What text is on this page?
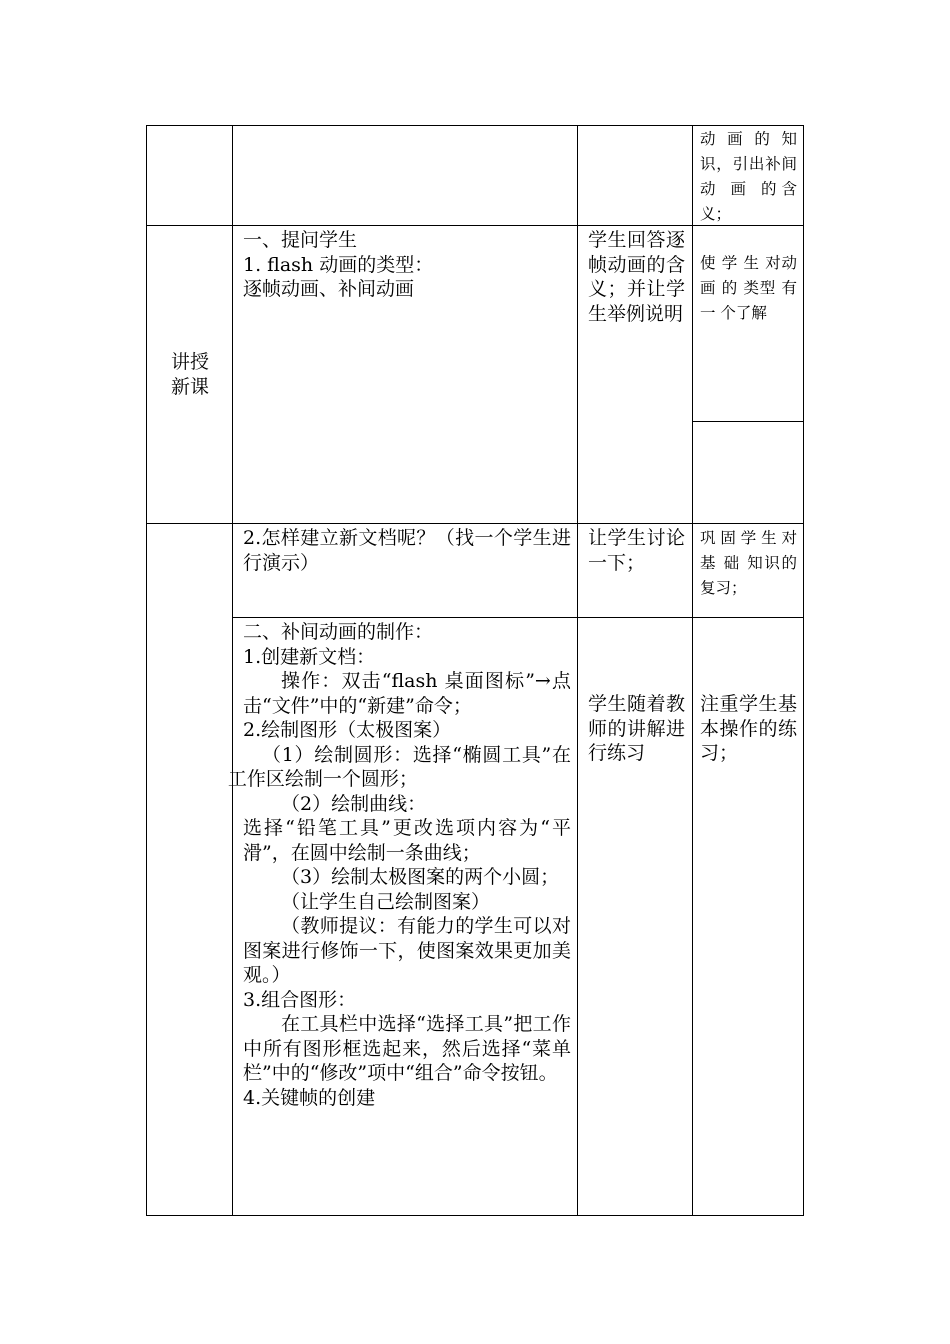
动 画 的 知识，引出补间 动 画 的含义；
讲授新课

一、提问学生

1. flash 动画的类型：

逐帧动画、补间动画

学生回答逐帧动画的含义；并让学生举例说明
使 学 生 对动 画 的 类型 有 一 个了解
2.怎样建立新文档呢？（找一个学生进行演示）
让学生讨论一下；
巩固学生对 基 础 知识的复习；

二、补间动画的制作：

1.创建新文档：

操作：双击“flash 桌面图标”→点击“文件”中的“新建”命令；

2.绘制图形（太极图案）

（1）绘制圆形：选择“椭圆工具”在工作区绘制一个圆形；

（2）绘制曲线：

选择“铅笔工具”更改选项内容为“平滑”，在圆中绘制一条曲线；

（3）绘制太极图案的两个小圆；

（让学生自己绘制图案）

（教师提议：有能力的学生可以对图案进行修饰一下，使图案效果更加美观。）

3.组合图形：

在工具栏中选择“选择工具”把工作中所有图形框选起来，然后选择“菜单栏”中的“修改”项中“组合”命令按钮。

4.关键帧的创建

学生随着教师的讲解进行练习
注重学生基本操作的练习；
